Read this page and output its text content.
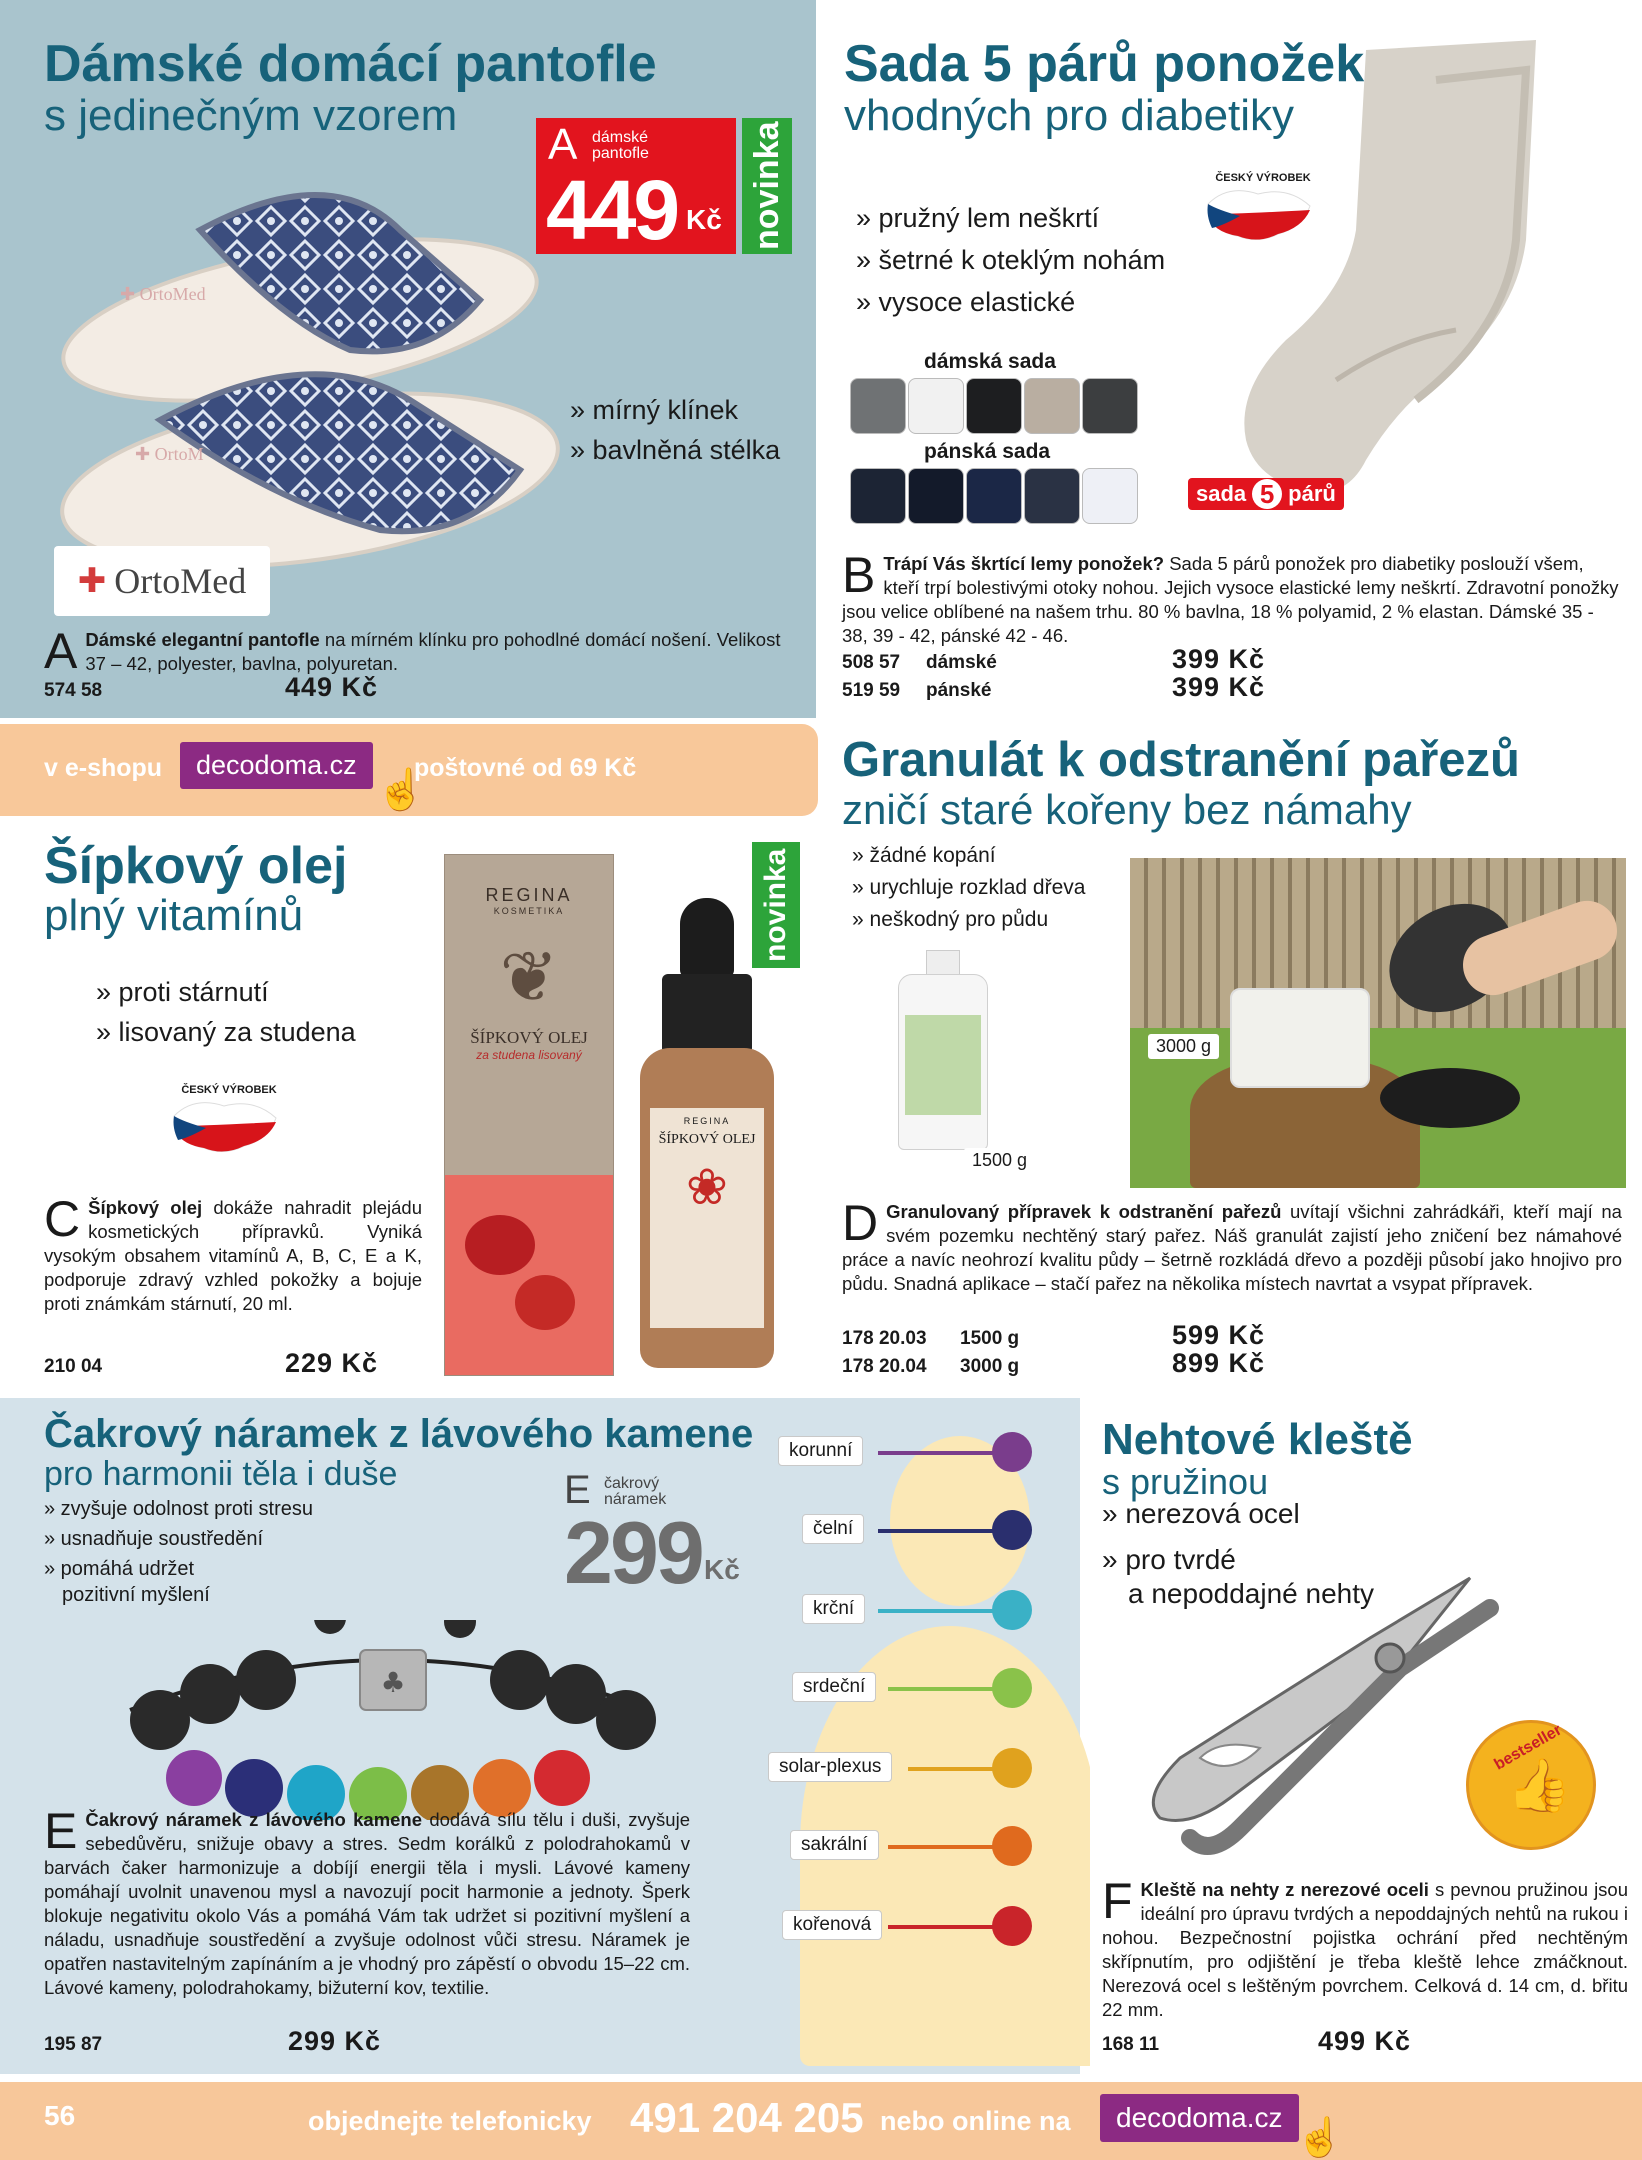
Dámské domácí pantofle
s jedinečným vzorem
A dámské pantofle
449 Kč novinka
✚ OrtoMed
✚ OrtoM
» mírný klínek
» bavlněná stélka
✚ OrtoMed
A Dámské elegantní pantofle na mírném klínku pro pohodlné domácí nošení. Velikost 37 – 42, polyester, bavlna, polyuretan.
574 58	449 Kč
Sada 5 párů ponožek
vhodných pro diabetiky
ČESKÝ VÝROBEK
» pružný lem neškrtí
» šetrné k oteklým nohám
» vysoce elastické
dámská sada
pánská sada
sada 5 párů
B Trápí Vás škrtící lemy ponožek? Sada 5 párů ponožek pro diabetiky poslouží všem, kteří trpí bolestivými otoky nohou. Jejich vysoce elastické lemy neškrtí. Zdravotní ponožky jsou velice oblíbené na našem trhu. 80 % bavlna, 18 % polyamid, 2 % elastan. Dámské 35 - 38, 39 - 42, pánské 42 - 46.
508 57 dámské	399 Kč
519 59 pánské	399 Kč
v e-shopu	decodoma.cz
☝
poštovné od 69 Kč
Šípkový olej
plný vitamínů
» proti stárnutí
» lisovaný za studena
ČESKÝ VÝROBEK
REGINA
KOSMETIKA
❦
ŠÍPKOVÝ OLEJ
za studena lisovaný
novinka
REGINA
ŠÍPKOVÝ OLEJ
❀
C Šípkový olej dokáže nahradit plejádu kosmetických přípravků. Vyniká vysokým obsahem vitamínů A, B, C, E a K, podporuje zdravý vzhled pokožky a bojuje proti známkám stárnutí, 20 ml.
210 04	229 Kč
Granulát k odstranění pařezů
zničí staré kořeny bez námahy
» žádné kopání
» urychluje rozklad dřeva
» neškodný pro půdu
1500 g
3000 g
D Granulovaný přípravek k odstranění pařezů uvítají všichni zahrádkáři, kteří mají na svém pozemku nechtěný starý pařez. Náš granulát zajistí jeho zničení bez námahové práce a navíc neohrozí kvalitu půdy – šetrně rozkládá dřevo a později působí jako hnojivo pro půdu. Snadná aplikace – stačí pařez na několika místech navrtat a vsypat přípravek.
178 20.03 1500 g	599 Kč
178 20.04 3000 g	899 Kč
Čakrový náramek z lávového kamene
pro harmonii těla i duše
» zvyšuje odolnost proti stresu
» usnadňuje soustředění
» pomáhá udržet
pozitivní myšlení
E čakrový náramek
299 Kč
korunní
čelní
krční
srdeční
solar-plexus
sakrální
kořenová
♣
E Čakrový náramek z lávového kamene dodává sílu tělu i duši, zvyšuje sebedůvěru, snižuje obavy a stres. Sedm korálků z polodrahokamů v barvách čaker harmonizuje a dobíjí energii těla i mysli. Lávové kameny pomáhají uvolnit unavenou mysl a navozují pocit harmonie a jednoty. Šperk blokuje negativitu okolo Vás a pomáhá Vám tak udržet si pozitivní myšlení a náladu, usnadňuje soustředění a zvyšuje odolnost vůči stresu. Náramek je opatřen nastavitelným zapínáním a je vhodný pro zápěstí o obvodu 15–22 cm. Lávové kameny, polodrahokamy, bižuterní kov, textilie.
195 87	299 Kč
Nehtové kleště
s pružinou
» nerezová ocel
» pro tvrdé
a nepoddajné nehty
bestseller
👍
F Kleště na nehty z nerezové oceli s pevnou pružinou jsou ideální pro úpravu tvrdých a nepoddajných nehtů na rukou i nohou. Bezpečnostní pojistka ochrání před nechtěným skřípnutím, pro odjištění je třeba kleště lehce zmáčknout. Nerezová ocel s leštěným povrchem. Celková d. 14 cm, d. břitu 22 mm.
168 11	499 Kč
56	objednejte telefonicky 491 204 205 nebo online na	decodoma.cz ☝
